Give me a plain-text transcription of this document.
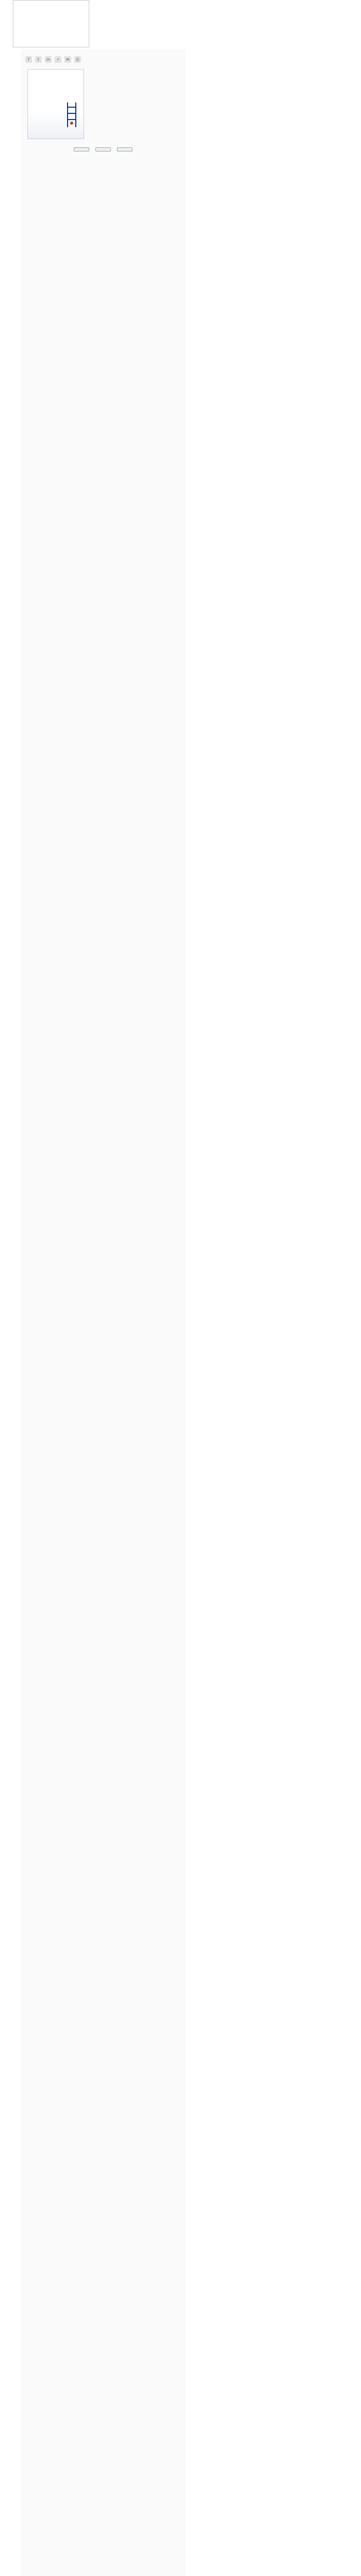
f	t	in	r	✉	⎙
